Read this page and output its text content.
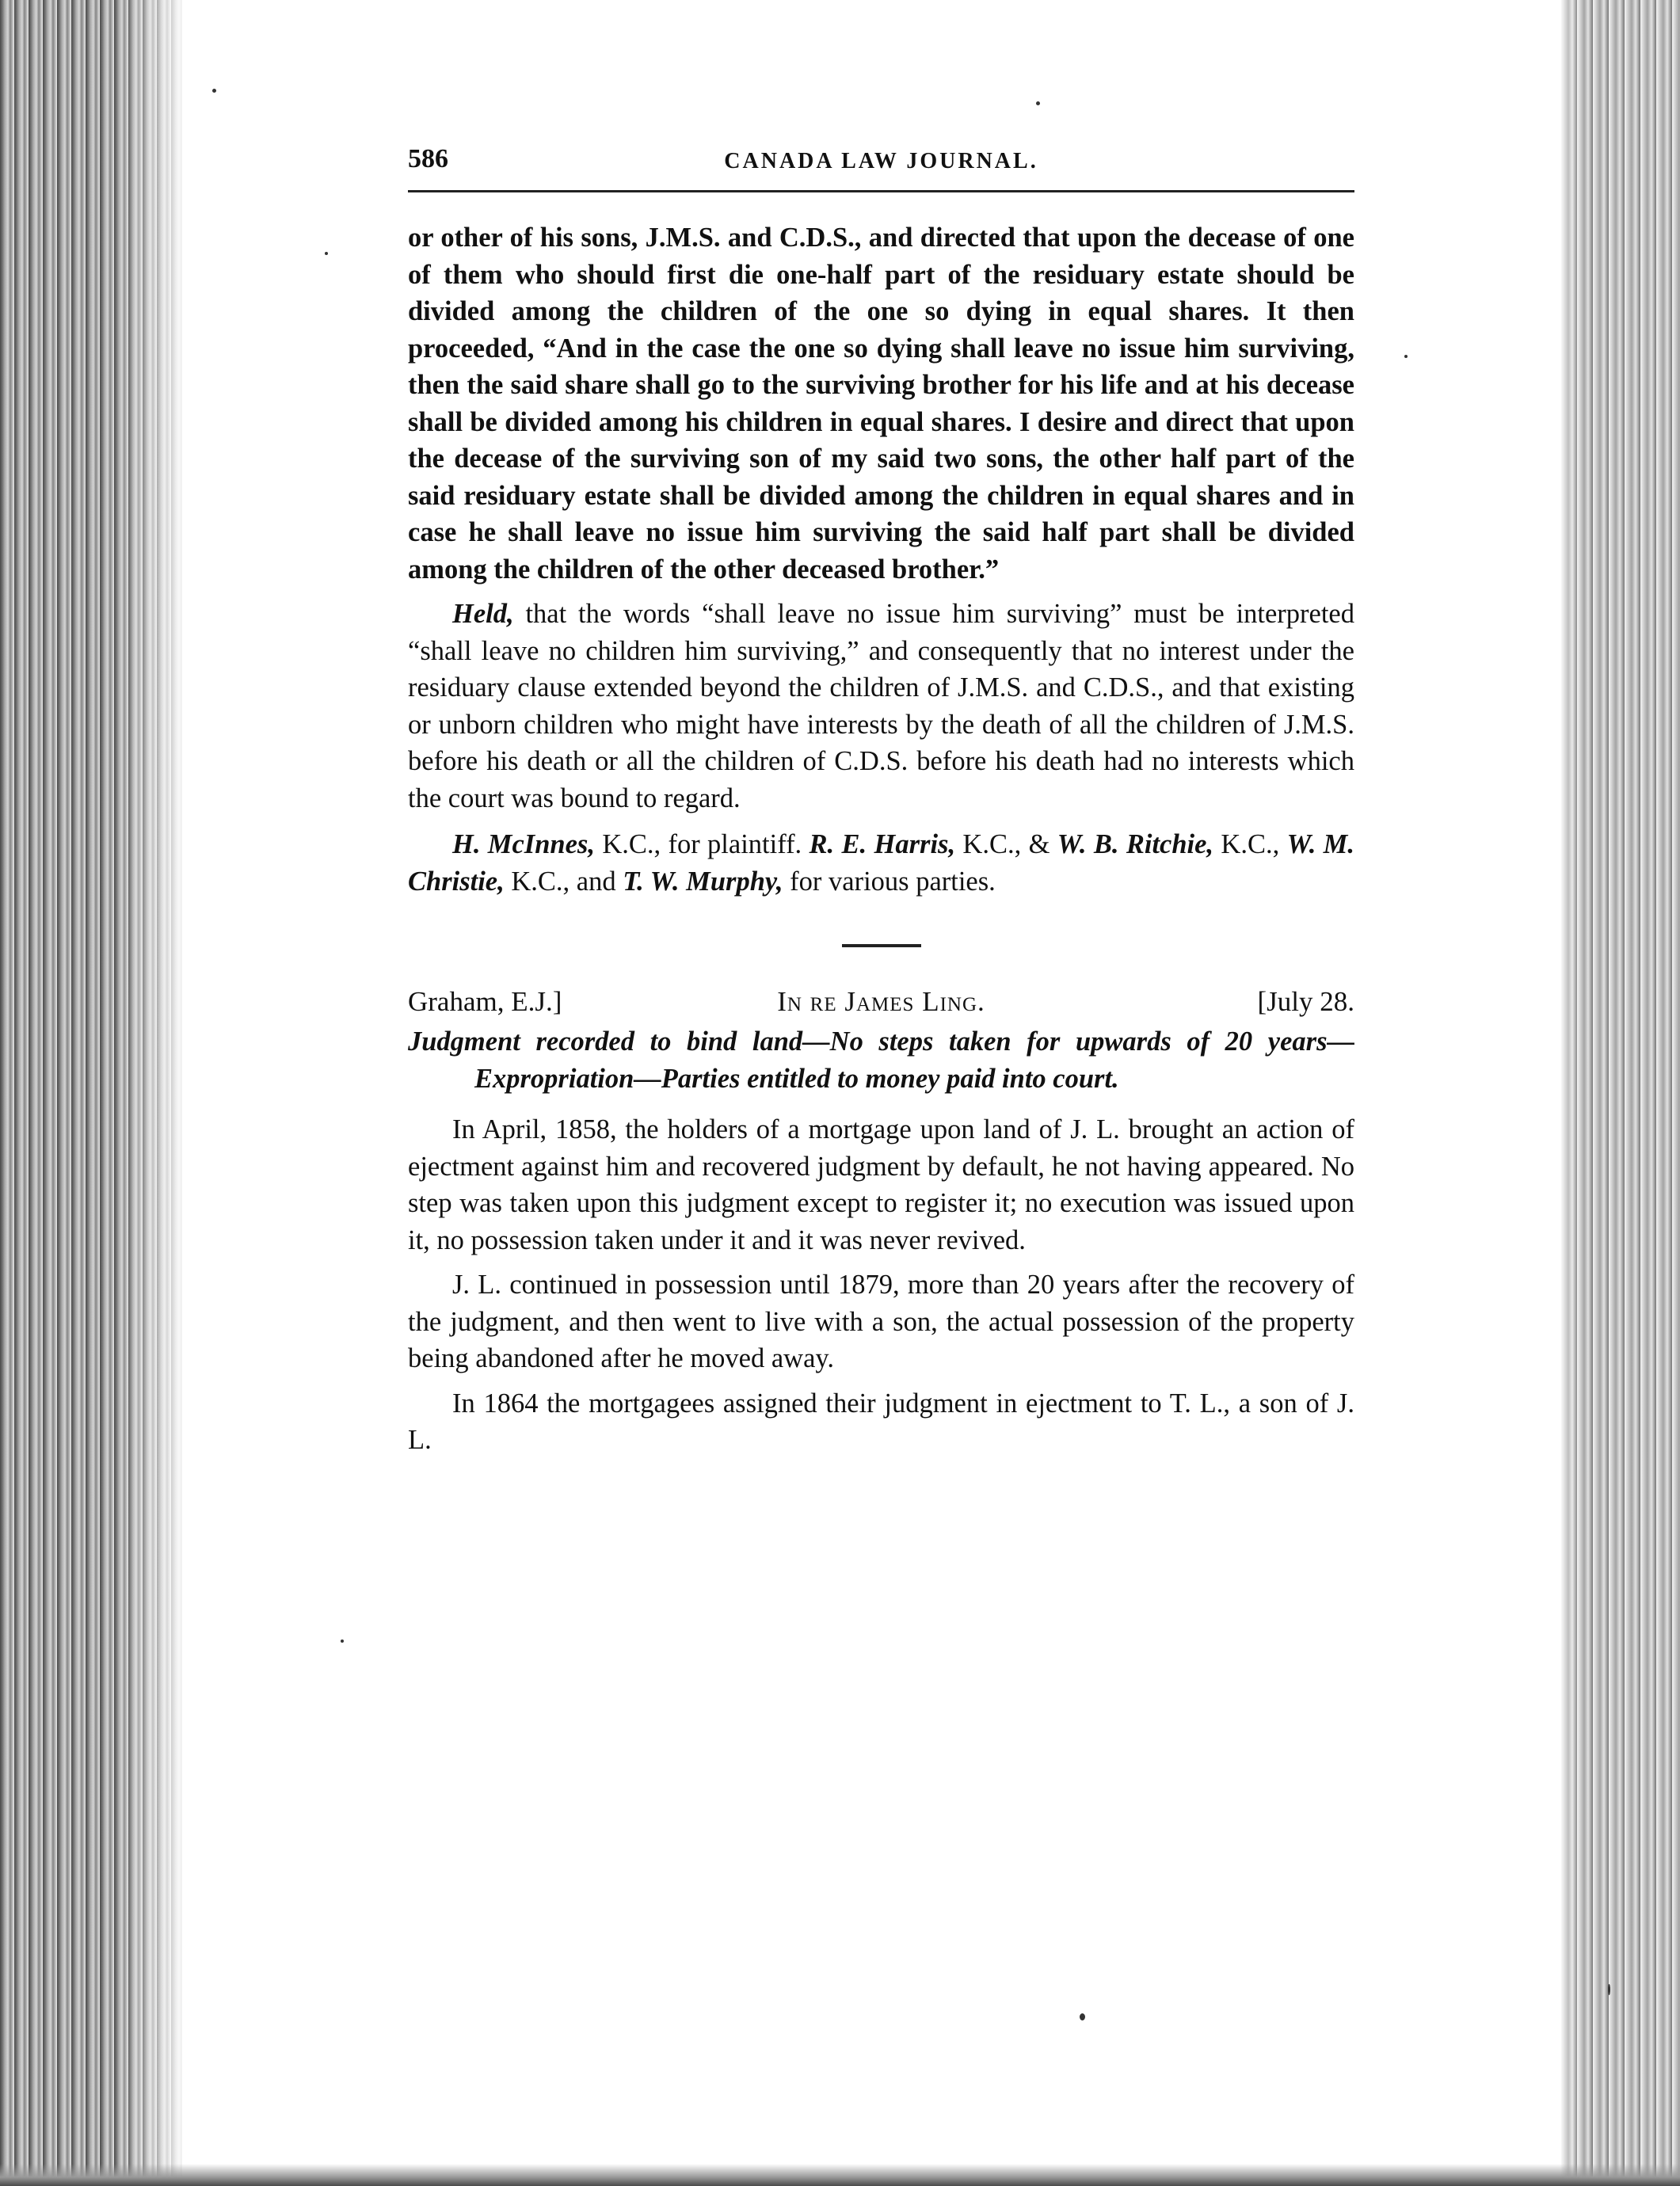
586	CANADA LAW JOURNAL.

or other of his sons, J.M.S. and C.D.S., and directed that upon the decease of one of them who should first die one-half part of the residuary estate should be divided among the children of the one so dying in equal shares. It then proceeded, “And in the case the one so dying shall leave no issue him surviving, then the said share shall go to the surviving brother for his life and at his decease shall be divided among his children in equal shares. I desire and direct that upon the decease of the surviving son of my said two sons, the other half part of the said residuary estate shall be divided among the children in equal shares and in case he shall leave no issue him surviving the said half part shall be divided among the children of the other deceased brother.”

Held, that the words “shall leave no issue him surviving” must be interpreted “shall leave no children him surviving,” and consequently that no interest under the residuary clause extended beyond the children of J.M.S. and C.D.S., and that existing or unborn children who might have interests by the death of all the children of J.M.S. before his death or all the children of C.D.S. before his death had no interests which the court was bound to regard.

H. McInnes, K.C., for plaintiff. R. E. Harris, K.C., & W. B. Ritchie, K.C., W. M. Christie, K.C., and T. W. Murphy, for various parties.

Graham, E.J.]	In re James Ling.	[July 28.

Judgment recorded to bind land—No steps taken for upwards of 20 years—Expropriation—Parties entitled to money paid into court.

In April, 1858, the holders of a mortgage upon land of J. L. brought an action of ejectment against him and recovered judgment by default, he not having appeared. No step was taken upon this judgment except to register it; no execution was issued upon it, no possession taken under it and it was never revived.

J. L. continued in possession until 1879, more than 20 years after the recovery of the judgment, and then went to live with a son, the actual possession of the property being abandoned after he moved away.

In 1864 the mortgagees assigned their judgment in ejectment to T. L., a son of J. L.
